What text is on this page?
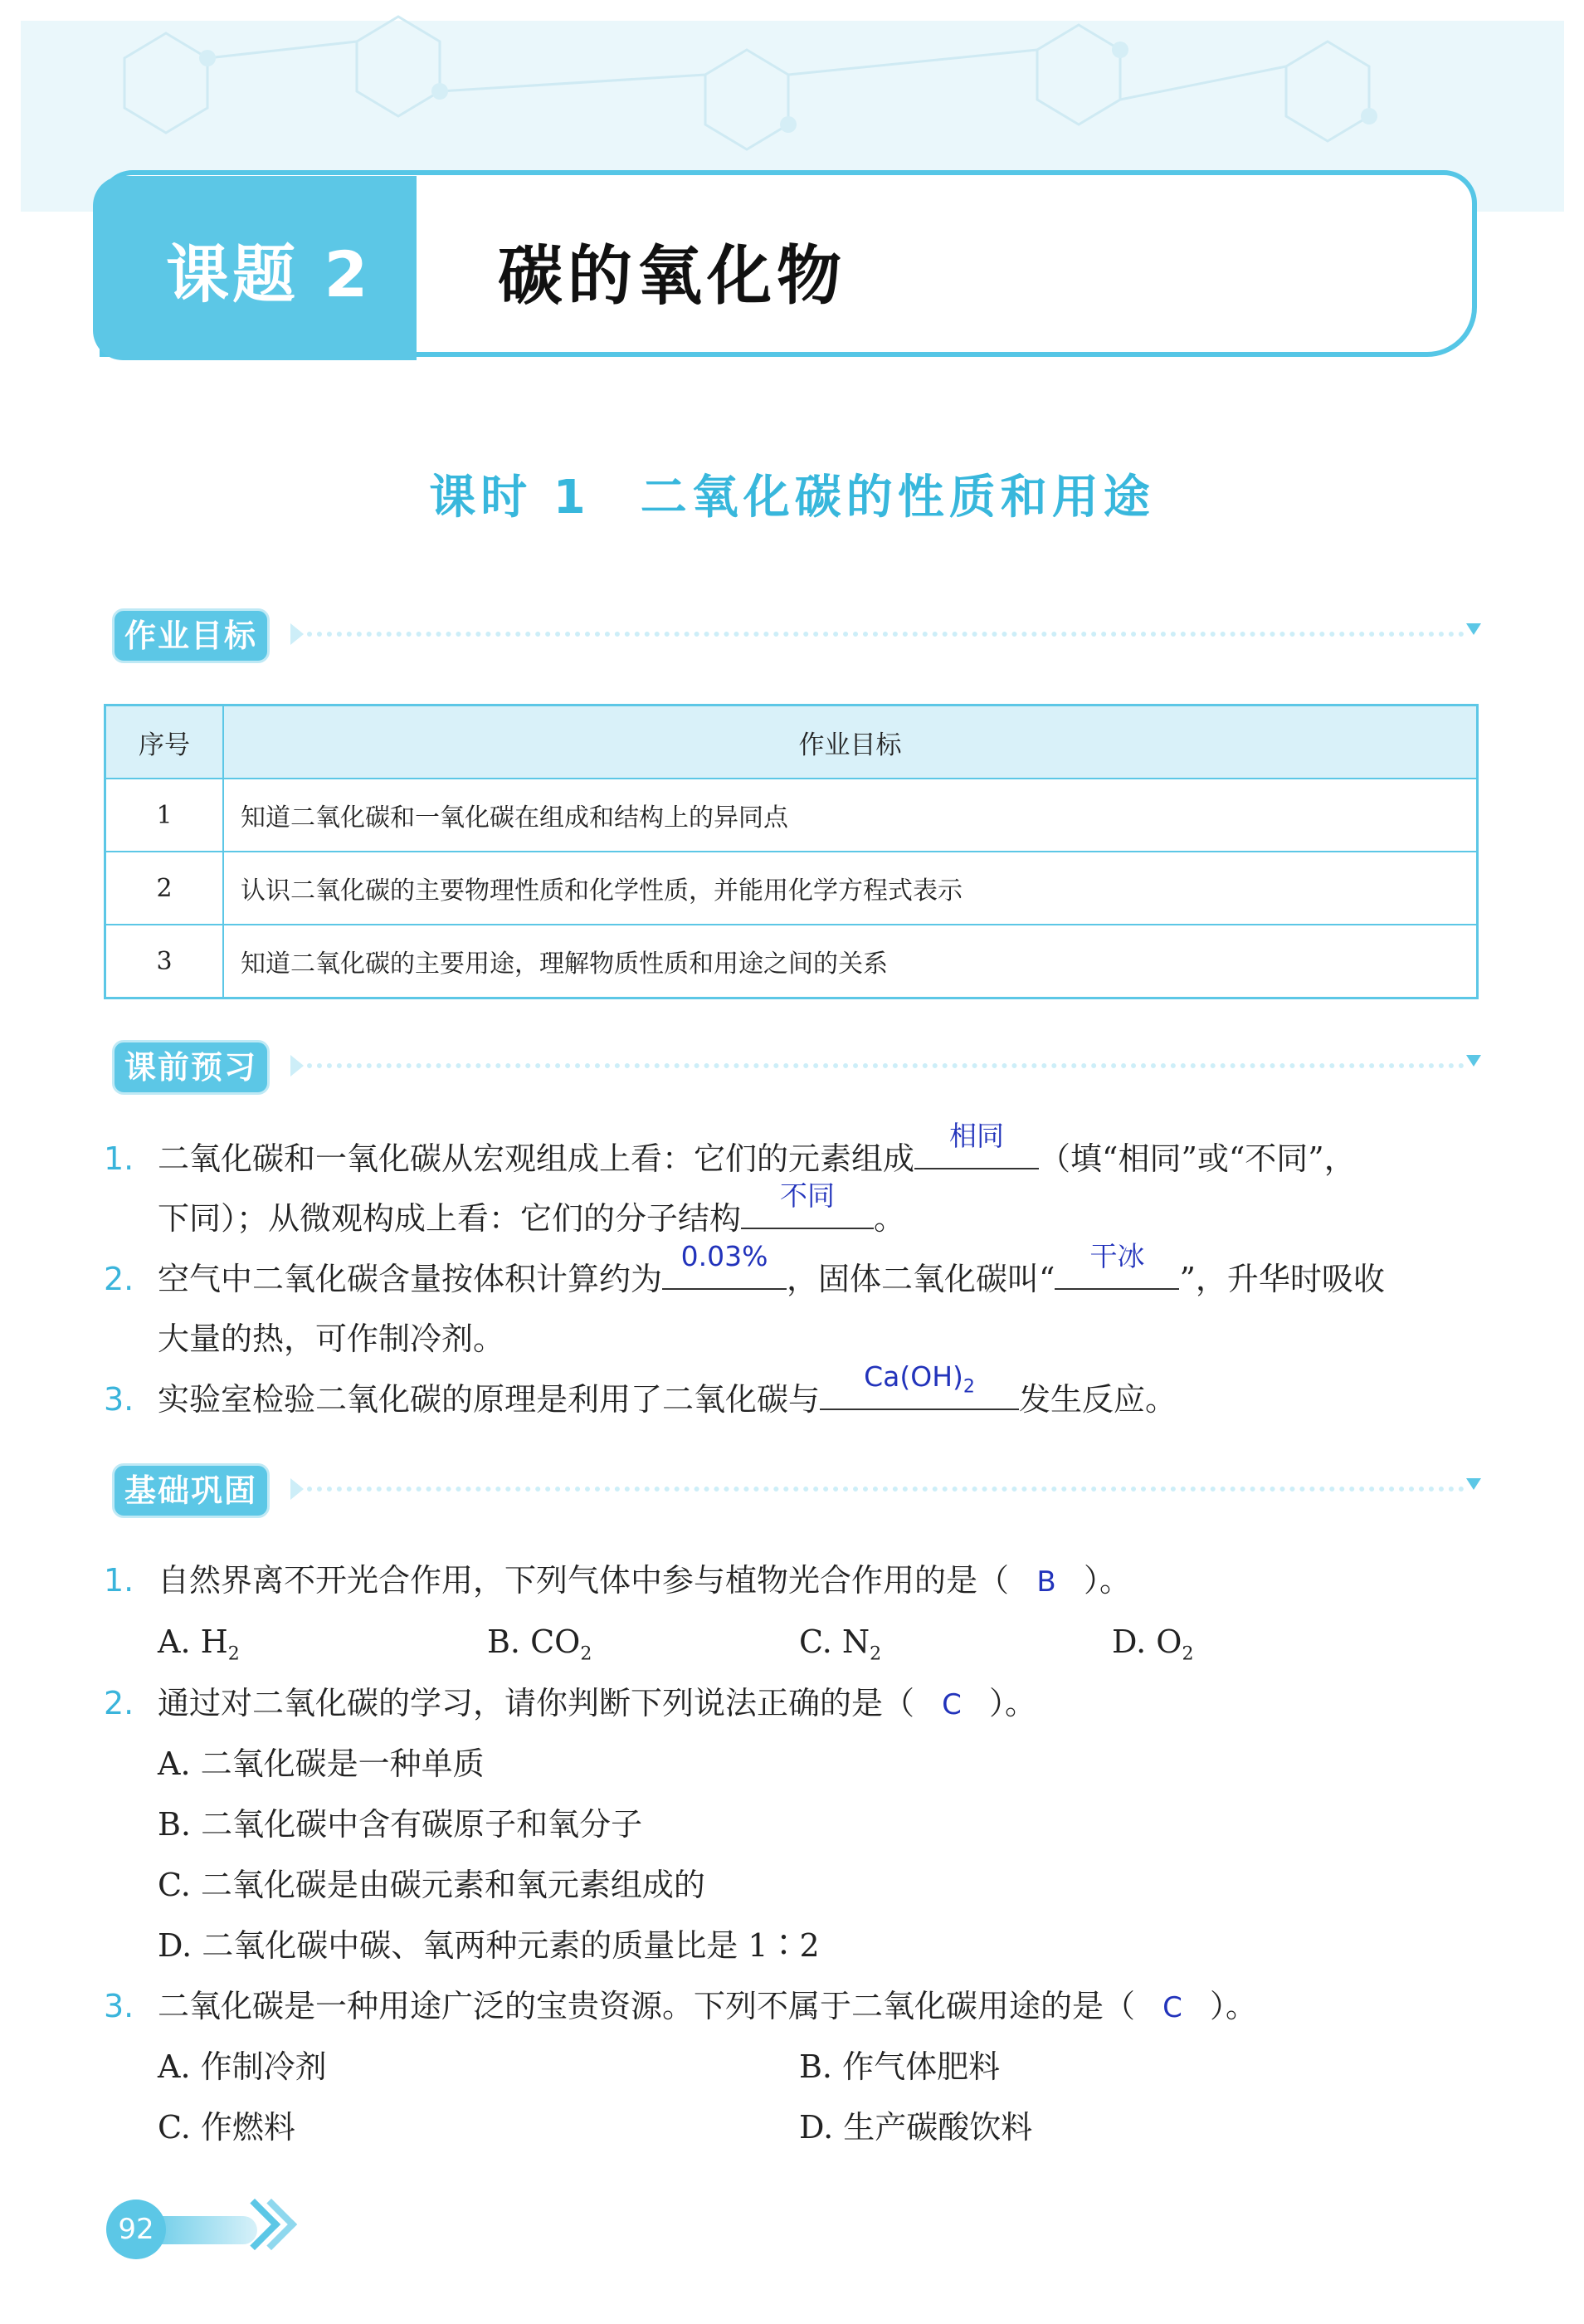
课题 2 碳的氧化物
课时 1 二氧化碳的性质和用途
作业目标
序号	作业目标
1	知道二氧化碳和一氧化碳在组成和结构上的异同点
2	认识二氧化碳的主要物理性质和化学性质，并能用化学方程式表示
3	知道二氧化碳的主要用途，理解物质性质和用途之间的关系
课前预习
1. 二氧化碳和一氧化碳从宏观组成上看：它们的元素组成
相同
（填“相同”或“不同”，
下同）；从微观构成上看：它们的分子结构
不同
。
2. 空气中二氧化碳含量按体积计算约为
0.03%
，固体二氧化碳叫“
干冰
”，升华时吸收
大量的热，可作制冷剂。
3. 实验室检验二氧化碳的原理是利用了二氧化碳与
$Ca(OH)_2$	发生反应。
基础巩固
1. 自然界离不开光合作用，下列气体中参与植物光合作用的是（ B ）。
A. $H_2$	B. $CO_2$	C. $N_2$	D. $O_2$
2. 通过对二氧化碳的学习，请你判断下列说法正确的是（ C ）。
A. 二氧化碳是一种单质
B. 二氧化碳中含有碳原子和氧分子
C. 二氧化碳是由碳元素和氧元素组成的
D. 二氧化碳中碳、氧两种元素的质量比是 1∶2
3. 二氧化碳是一种用途广泛的宝贵资源。下列不属于二氧化碳用途的是（ C ）。
A. 作制冷剂	B. 作气体肥料
C. 作燃料	D. 生产碳酸饮料
92
